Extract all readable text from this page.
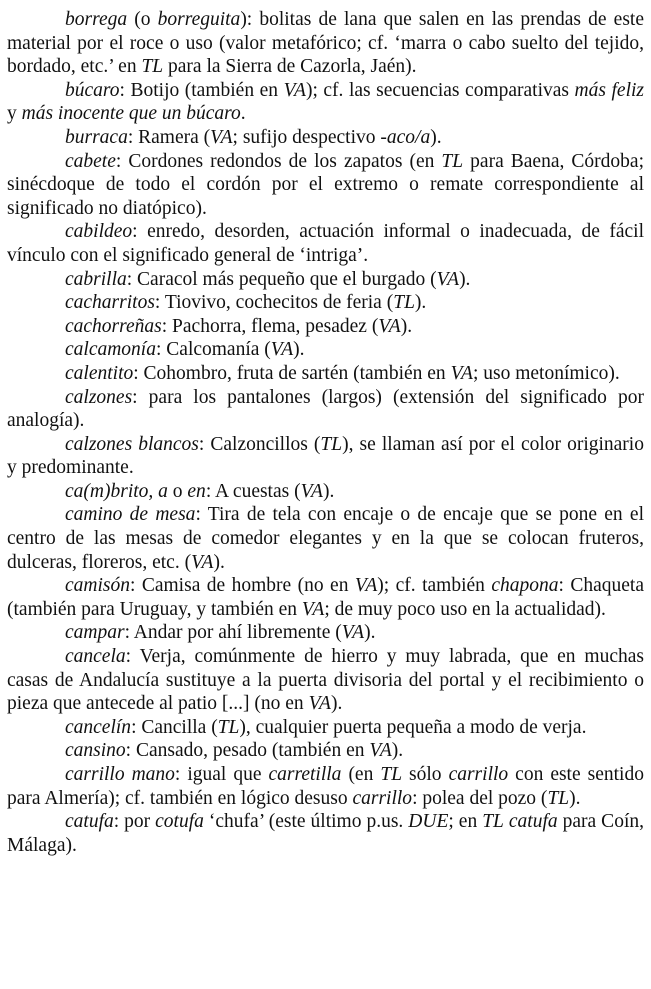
borrega (o borreguita): bolitas de lana que salen en las prendas de este material por el roce o uso (valor metafórico; cf. ‘marra o cabo suelto del tejido, bordado, etc.’ en TL para la Sierra de Cazorla, Jaén).

búcaro: Botijo (también en VA); cf. las secuencias comparativas más feliz y más inocente que un búcaro.

burraca: Ramera (VA; sufijo despectivo -aco/a).

cabete: Cordones redondos de los zapatos (en TL para Baena, Córdoba; sinécdoque de todo el cordón por el extremo o remate correspondiente al significado no diatópico).

cabildeo: enredo, desorden, actuación informal o inadecuada, de fácil vínculo con el significado general de ‘intriga’.

cabrilla: Caracol más pequeño que el burgado (VA).

cacharritos: Tiovivo, cochecitos de feria (TL).

cachorreñas: Pachorra, flema, pesadez (VA).

calcamonía: Calcomanía (VA).

calentito: Cohombro, fruta de sartén (también en VA; uso metonímico).

calzones: para los pantalones (largos) (extensión del significado por analogía).

calzones blancos: Calzoncillos (TL), se llaman así por el color originario y predominante.

ca(m)brito, a o en: A cuestas (VA).

camino de mesa: Tira de tela con encaje o de encaje que se pone en el centro de las mesas de comedor elegantes y en la que se colocan fruteros, dulceras, floreros, etc. (VA).

camisón: Camisa de hombre (no en VA); cf. también chapona: Chaqueta (también para Uruguay, y también en VA; de muy poco uso en la actualidad).

campar: Andar por ahí libremente (VA).

cancela: Verja, comúnmente de hierro y muy labrada, que en muchas casas de Andalucía sustituye a la puerta divisoria del portal y el recibimiento o pieza que antecede al patio [...] (no en VA).

cancelín: Cancilla (TL), cualquier puerta pequeña a modo de verja.

cansino: Cansado, pesado (también en VA).

carrillo mano: igual que carretilla (en TL sólo carrillo con este sentido para Almería); cf. también en lógico desuso carrillo: polea del pozo (TL).

catufa: por cotufa ‘chufa’ (este último p.us. DUE; en TL catufa para Coín, Málaga).
